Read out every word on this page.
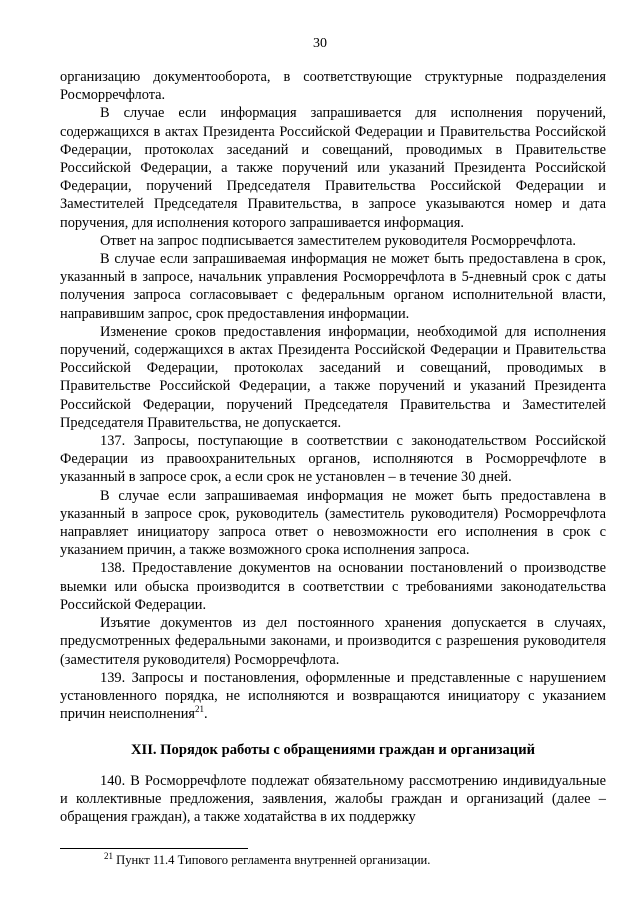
30

организацию документооборота, в соответствующие структурные подразделения Росморречфлота.

В случае если информация запрашивается для исполнения поручений, содержащихся в актах Президента Российской Федерации и Правительства Российской Федерации, протоколах заседаний и совещаний, проводимых в Правительстве Российской Федерации, а также поручений или указаний Президента Российской Федерации, поручений Председателя Правительства Российской Федерации и Заместителей Председателя Правительства, в запросе указываются номер и дата поручения, для исполнения которого запрашивается информация.

Ответ на запрос подписывается заместителем руководителя Росморречфлота.

В случае если запрашиваемая информация не может быть предоставлена в срок, указанный в запросе, начальник управления Росморречфлота в 5-дневный срок с даты получения запроса согласовывает с федеральным органом исполнительной власти, направившим запрос, срок предоставления информации.

Изменение сроков предоставления информации, необходимой для исполнения поручений, содержащихся в актах Президента Российской Федерации и Правительства Российской Федерации, протоколах заседаний и совещаний, проводимых в Правительстве Российской Федерации, а также поручений и указаний Президента Российской Федерации, поручений Председателя Правительства и Заместителей Председателя Правительства, не допускается.

137. Запросы, поступающие в соответствии с законодательством Российской Федерации из правоохранительных органов, исполняются в Росморречфлоте в указанный в запросе срок, а если срок не установлен – в течение 30 дней.

В случае если запрашиваемая информация не может быть предоставлена в указанный в запросе срок, руководитель (заместитель руководителя) Росморречфлота направляет инициатору запроса ответ о невозможности его исполнения в срок с указанием причин, а также возможного срока исполнения запроса.

138. Предоставление документов на основании постановлений о производстве выемки или обыска производится в соответствии с требованиями законодательства Российской Федерации.

Изъятие документов из дел постоянного хранения допускается в случаях, предусмотренных федеральными законами, и производится с разрешения руководителя (заместителя руководителя) Росморречфлота.

139. Запросы и постановления, оформленные и представленные с нарушением установленного порядка, не исполняются и возвращаются инициатору с указанием причин неисполнения$^{21}$.

XII. Порядок работы с обращениями граждан и организаций

140. В Росморречфлоте подлежат обязательному рассмотрению индивидуальные и коллективные предложения, заявления, жалобы граждан и организаций (далее – обращения граждан), а также ходатайства в их поддержку

$^{21}$ Пункт 11.4 Типового регламента внутренней организации.
